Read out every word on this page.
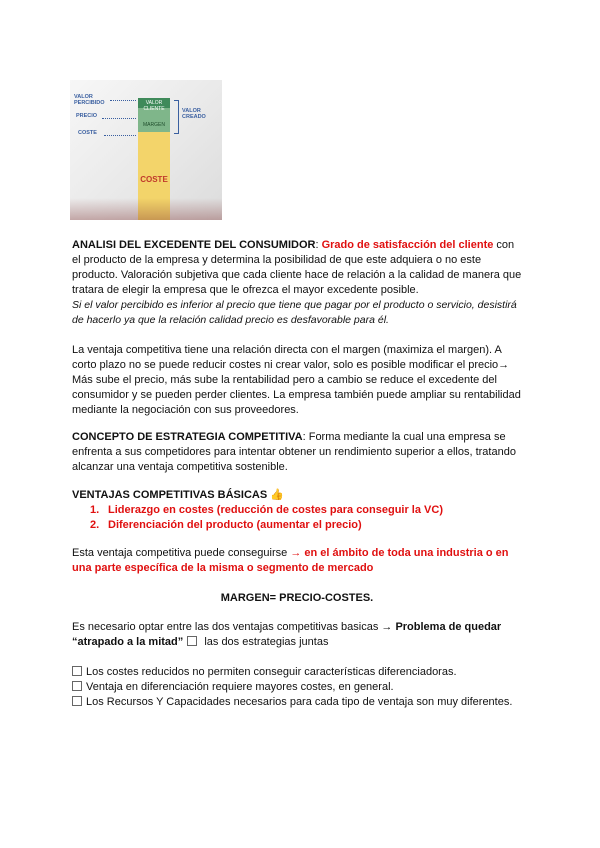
VALOR CLIENTE
MARGEN
COSTE
VALOR PERCIBIDO
PRECIO
COSTE
VALOR CREADO

ANALISI DEL EXCEDENTE DEL CONSUMIDOR: Grado de satisfacción del cliente con el producto de la empresa y determina la posibilidad de que este adquiera o no este producto. Valoración subjetiva que cada cliente hace de relación a la calidad de manera que tratara de elegir la empresa que le ofrezca el mayor excedente posible.

Si el valor percibido es inferior al precio que tiene que pagar por el producto o servicio, desistirá de hacerlo ya que la relación calidad precio es desfavorable para él.

La ventaja competitiva tiene una relación directa con el margen (maximiza el margen). A corto plazo no se puede reducir costes ni crear valor, solo es posible modificar el precio→ Más sube el precio, más sube la rentabilidad pero a cambio se reduce el excedente del consumidor y se pueden perder clientes. La empresa también puede ampliar su rentabilidad mediante la negociación con sus proveedores.

CONCEPTO DE ESTRATEGIA COMPETITIVA: Forma mediante la cual una empresa se enfrenta a sus competidores para intentar obtener un rendimiento superior a ellos, tratando alcanzar una ventaja competitiva sostenible.

VENTAJAS COMPETITIVAS BÁSICAS 👍

1. Liderazgo en costes (reducción de costes para conseguir la VC)
2. Diferenciación del producto (aumentar el precio)

Esta ventaja competitiva puede conseguirse → en el ámbito de toda una industria o en una parte específica de la misma o segmento de mercado

MARGEN= PRECIO-COSTES.

Es necesario optar entre las dos ventajas competitivas basicas → Problema de quedar “atrapado a la mitad” las dos estrategias juntas

Los costes reducidos no permiten conseguir características diferenciadoras.

Ventaja en diferenciación requiere mayores costes, en general.

Los Recursos Y Capacidades necesarios para cada tipo de ventaja son muy diferentes.
